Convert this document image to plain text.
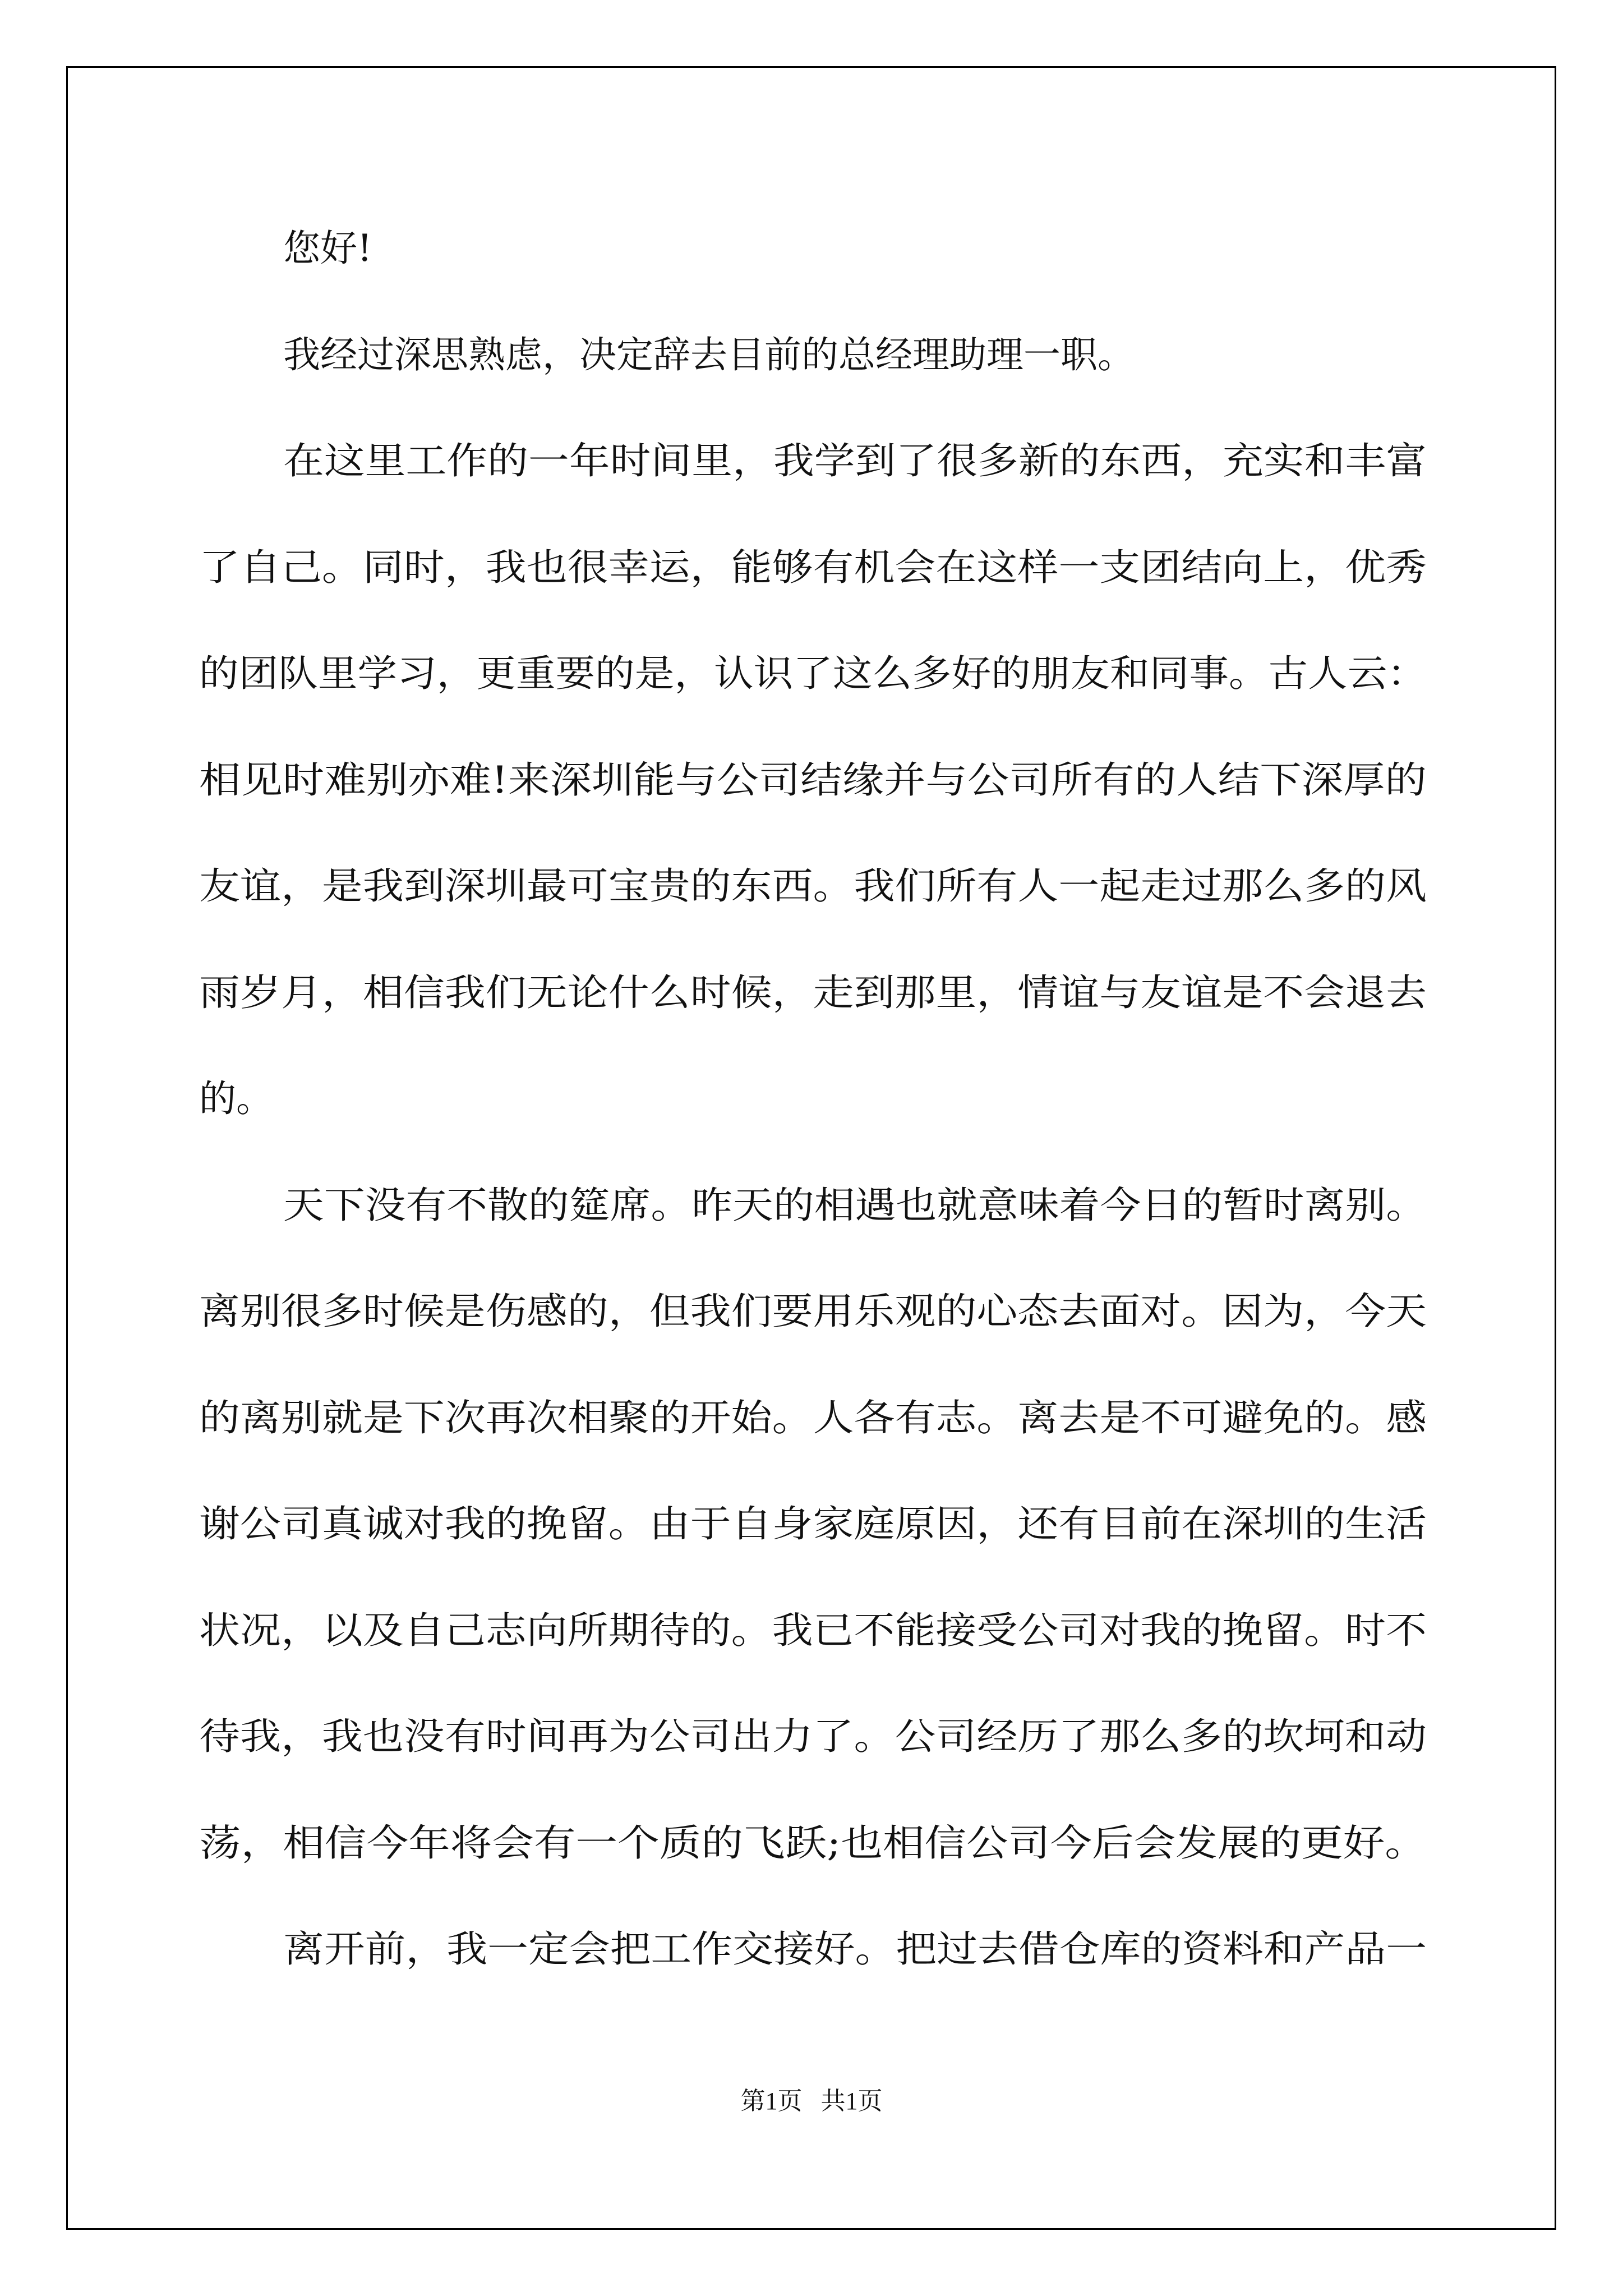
您好!
我经过深思熟虑，决定辞去目前的总经理助理一职。
在这里工作的一年时间里，我学到了很多新的东西，充实和丰富
了自己。同时，我也很幸运，能够有机会在这样一支团结向上，优秀
的团队里学习，更重要的是，认识了这么多好的朋友和同事。古人云：
相见时难别亦难!来深圳能与公司结缘并与公司所有的人结下深厚的
友谊，是我到深圳最可宝贵的东西。我们所有人一起走过那么多的风
雨岁月，相信我们无论什么时候，走到那里，情谊与友谊是不会退去
的。
天下没有不散的筵席。昨天的相遇也就意味着今日的暂时离别。
离别很多时候是伤感的，但我们要用乐观的心态去面对。因为，今天
的离别就是下次再次相聚的开始。人各有志。离去是不可避免的。感
谢公司真诚对我的挽留。由于自身家庭原因，还有目前在深圳的生活
状况，以及自己志向所期待的。我已不能接受公司对我的挽留。时不
待我，我也没有时间再为公司出力了。公司经历了那么多的坎坷和动
荡，相信今年将会有一个质的飞跃;也相信公司今后会发展的更好。
离开前，我一定会把工作交接好。把过去借仓库的资料和产品一
第1页   共1页
